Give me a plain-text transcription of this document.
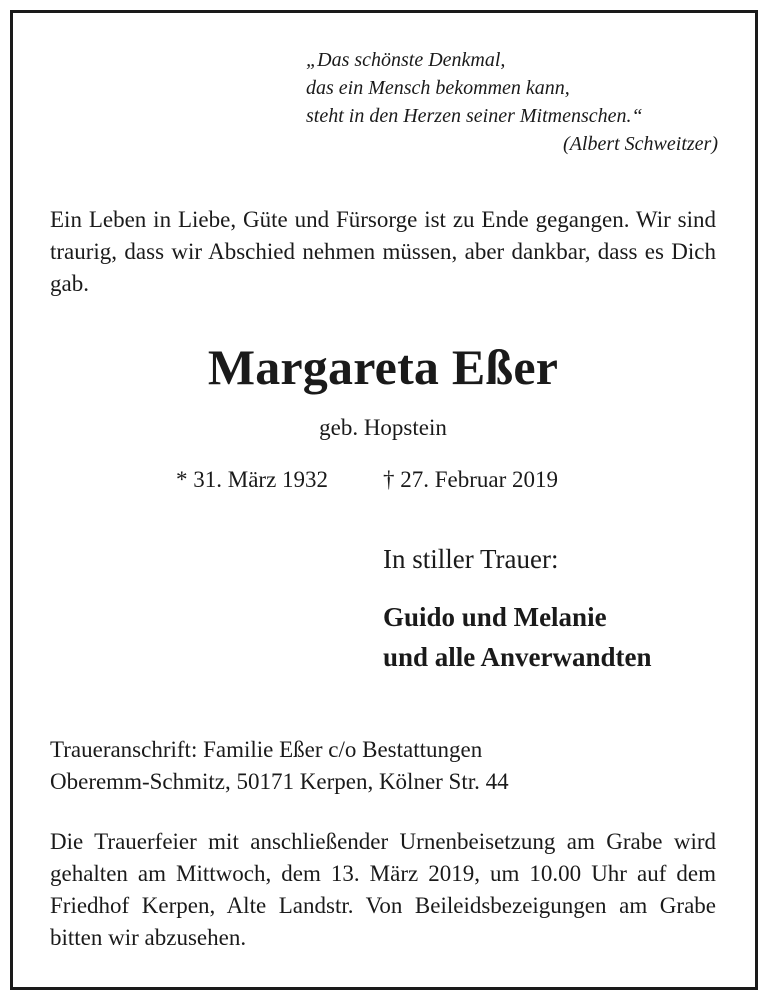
„Das schönste Denkmal,
das ein Mensch bekommen kann,
steht in den Herzen seiner Mitmenschen.“
(Albert Schweitzer)
Ein Leben in Liebe, Güte und Fürsorge ist zu Ende gegangen. Wir sind traurig, dass wir Abschied nehmen müssen, aber dankbar, dass es Dich gab.
Margareta Eßer
geb. Hopstein
* 31. März 1932 † 27. Februar 2019
In stiller Trauer:
Guido und Melanie
und alle Anverwandten
Traueranschrift: Familie Eßer c/o Bestattungen
Oberemm-Schmitz, 50171 Kerpen, Kölner Str. 44
Die Trauerfeier mit anschließender Urnenbeisetzung am Grabe wird gehalten am Mittwoch, dem 13. März 2019, um 10.00 Uhr auf dem Friedhof Kerpen, Alte Landstr. Von Beileidsbezeigungen am Grabe bitten wir abzusehen.
